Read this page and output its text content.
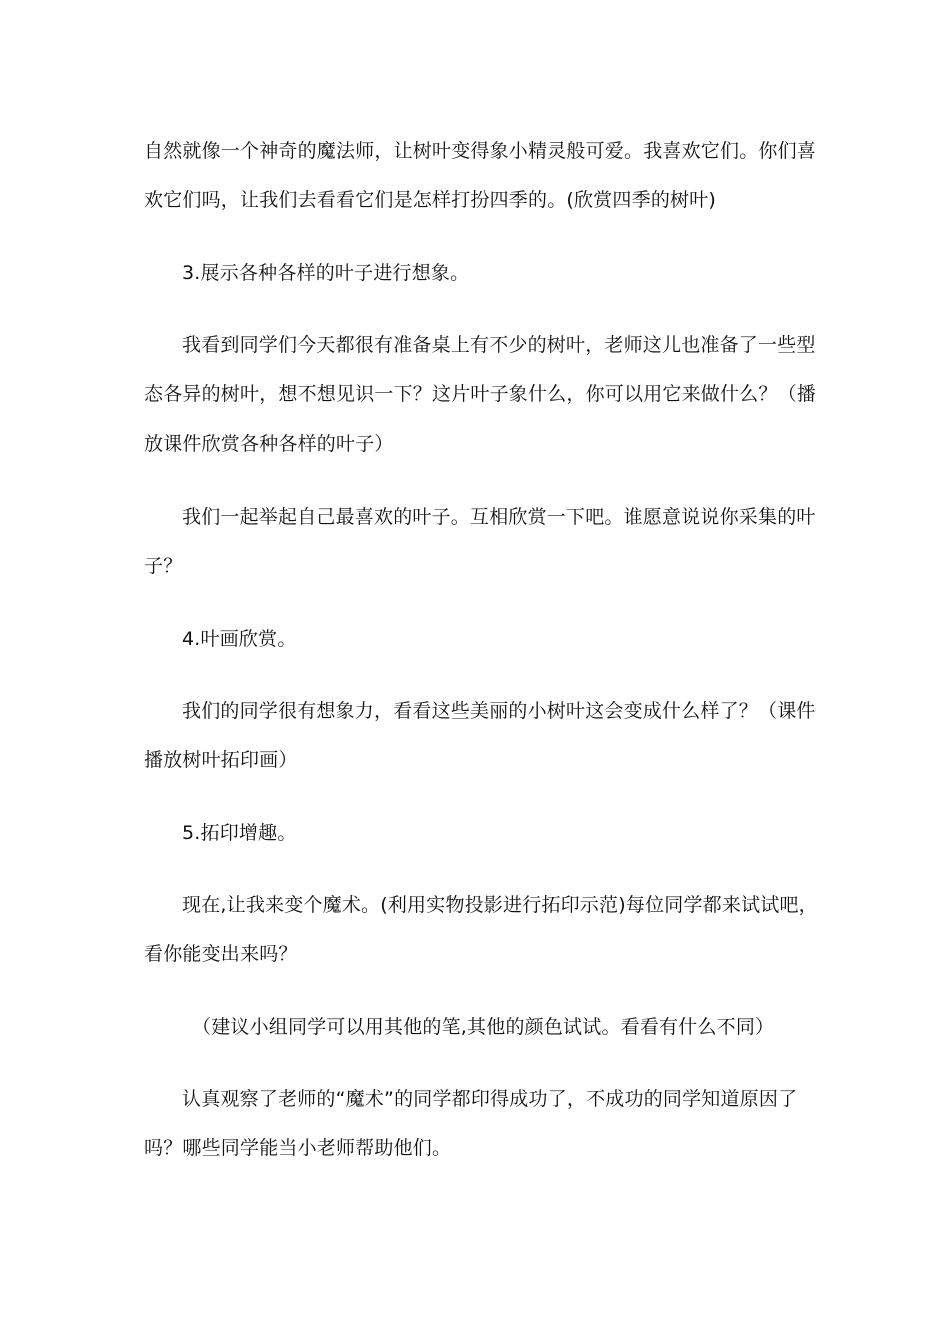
自然就像一个神奇的魔法师，让树叶变得象小精灵般可爱。我喜欢它们。你们喜
欢它们吗，让我们去看看它们是怎样打扮四季的。(欣赏四季的树叶)
3.展示各种各样的叶子进行想象。
我看到同学们今天都很有准备桌上有不少的树叶，老师这儿也准备了一些型
态各异的树叶，想不想见识一下？这片叶子象什么，你可以用它来做什么？（播
放课件欣赏各种各样的叶子）
我们一起举起自己最喜欢的叶子。互相欣赏一下吧。谁愿意说说你采集的叶
子？
4.叶画欣赏。
我们的同学很有想象力，看看这些美丽的小树叶这会变成什么样了？（课件
播放树叶拓印画）
5.拓印增趣。
现在,让我来变个魔术。(利用实物投影进行拓印示范)每位同学都来试试吧，
看你能变出来吗？
（建议小组同学可以用其他的笔,其他的颜色试试。看看有什么不同）
认真观察了老师的“魔术”的同学都印得成功了，不成功的同学知道原因了
吗？哪些同学能当小老师帮助他们。
